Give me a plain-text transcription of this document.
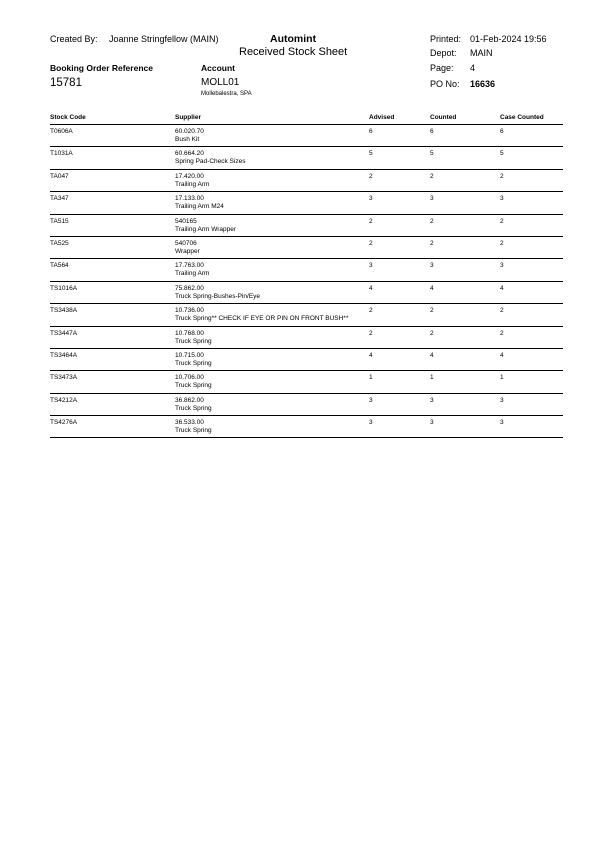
Created By: Joanne Stringfellow (MAIN)	Automint
Received Stock Sheet
Printed: 01-Feb-2024 19:56
Depot: MAIN
Page: 4
PO No: 16636
Booking Order Reference
15781
Account
MOLL01
Mollebalestra, SPA
Stock Code	Supplier	Advised	Counted	Case Counted
T0606A	60.020.70
Bush Kit
6	6	6
T1031A	60.664.20
Spring Pad-Check Sizes
5	5	5
TA047	17.420.00
Trailing Arm
2	2	2
TA347	17.133.00
Trailing Arm M24
3	3	3
TA515	540165
Trailing Arm Wrapper
2	2	2
TA525	540706
Wrapper
2	2	2
TA564	17.763.00
Trailing Arm
3	3	3
TS1016A	75.862.00
Truck Spring-Bushes-Pin/Eye
4	4	4
TS3438A	10.736.00
Truck Spring** CHECK IF EYE OR PIN ON FRONT BUSH**
2	2	2
TS3447A	10.768.00
Truck Spring
2	2	2
TS3464A	10.715.00
Truck Spring
4	4	4
TS3473A	10.706.00
Truck Spring
1	1	1
TS4212A	36.862.00
Truck Spring
3	3	3
TS4276A	36.533.00
Truck Spring
3	3	3
